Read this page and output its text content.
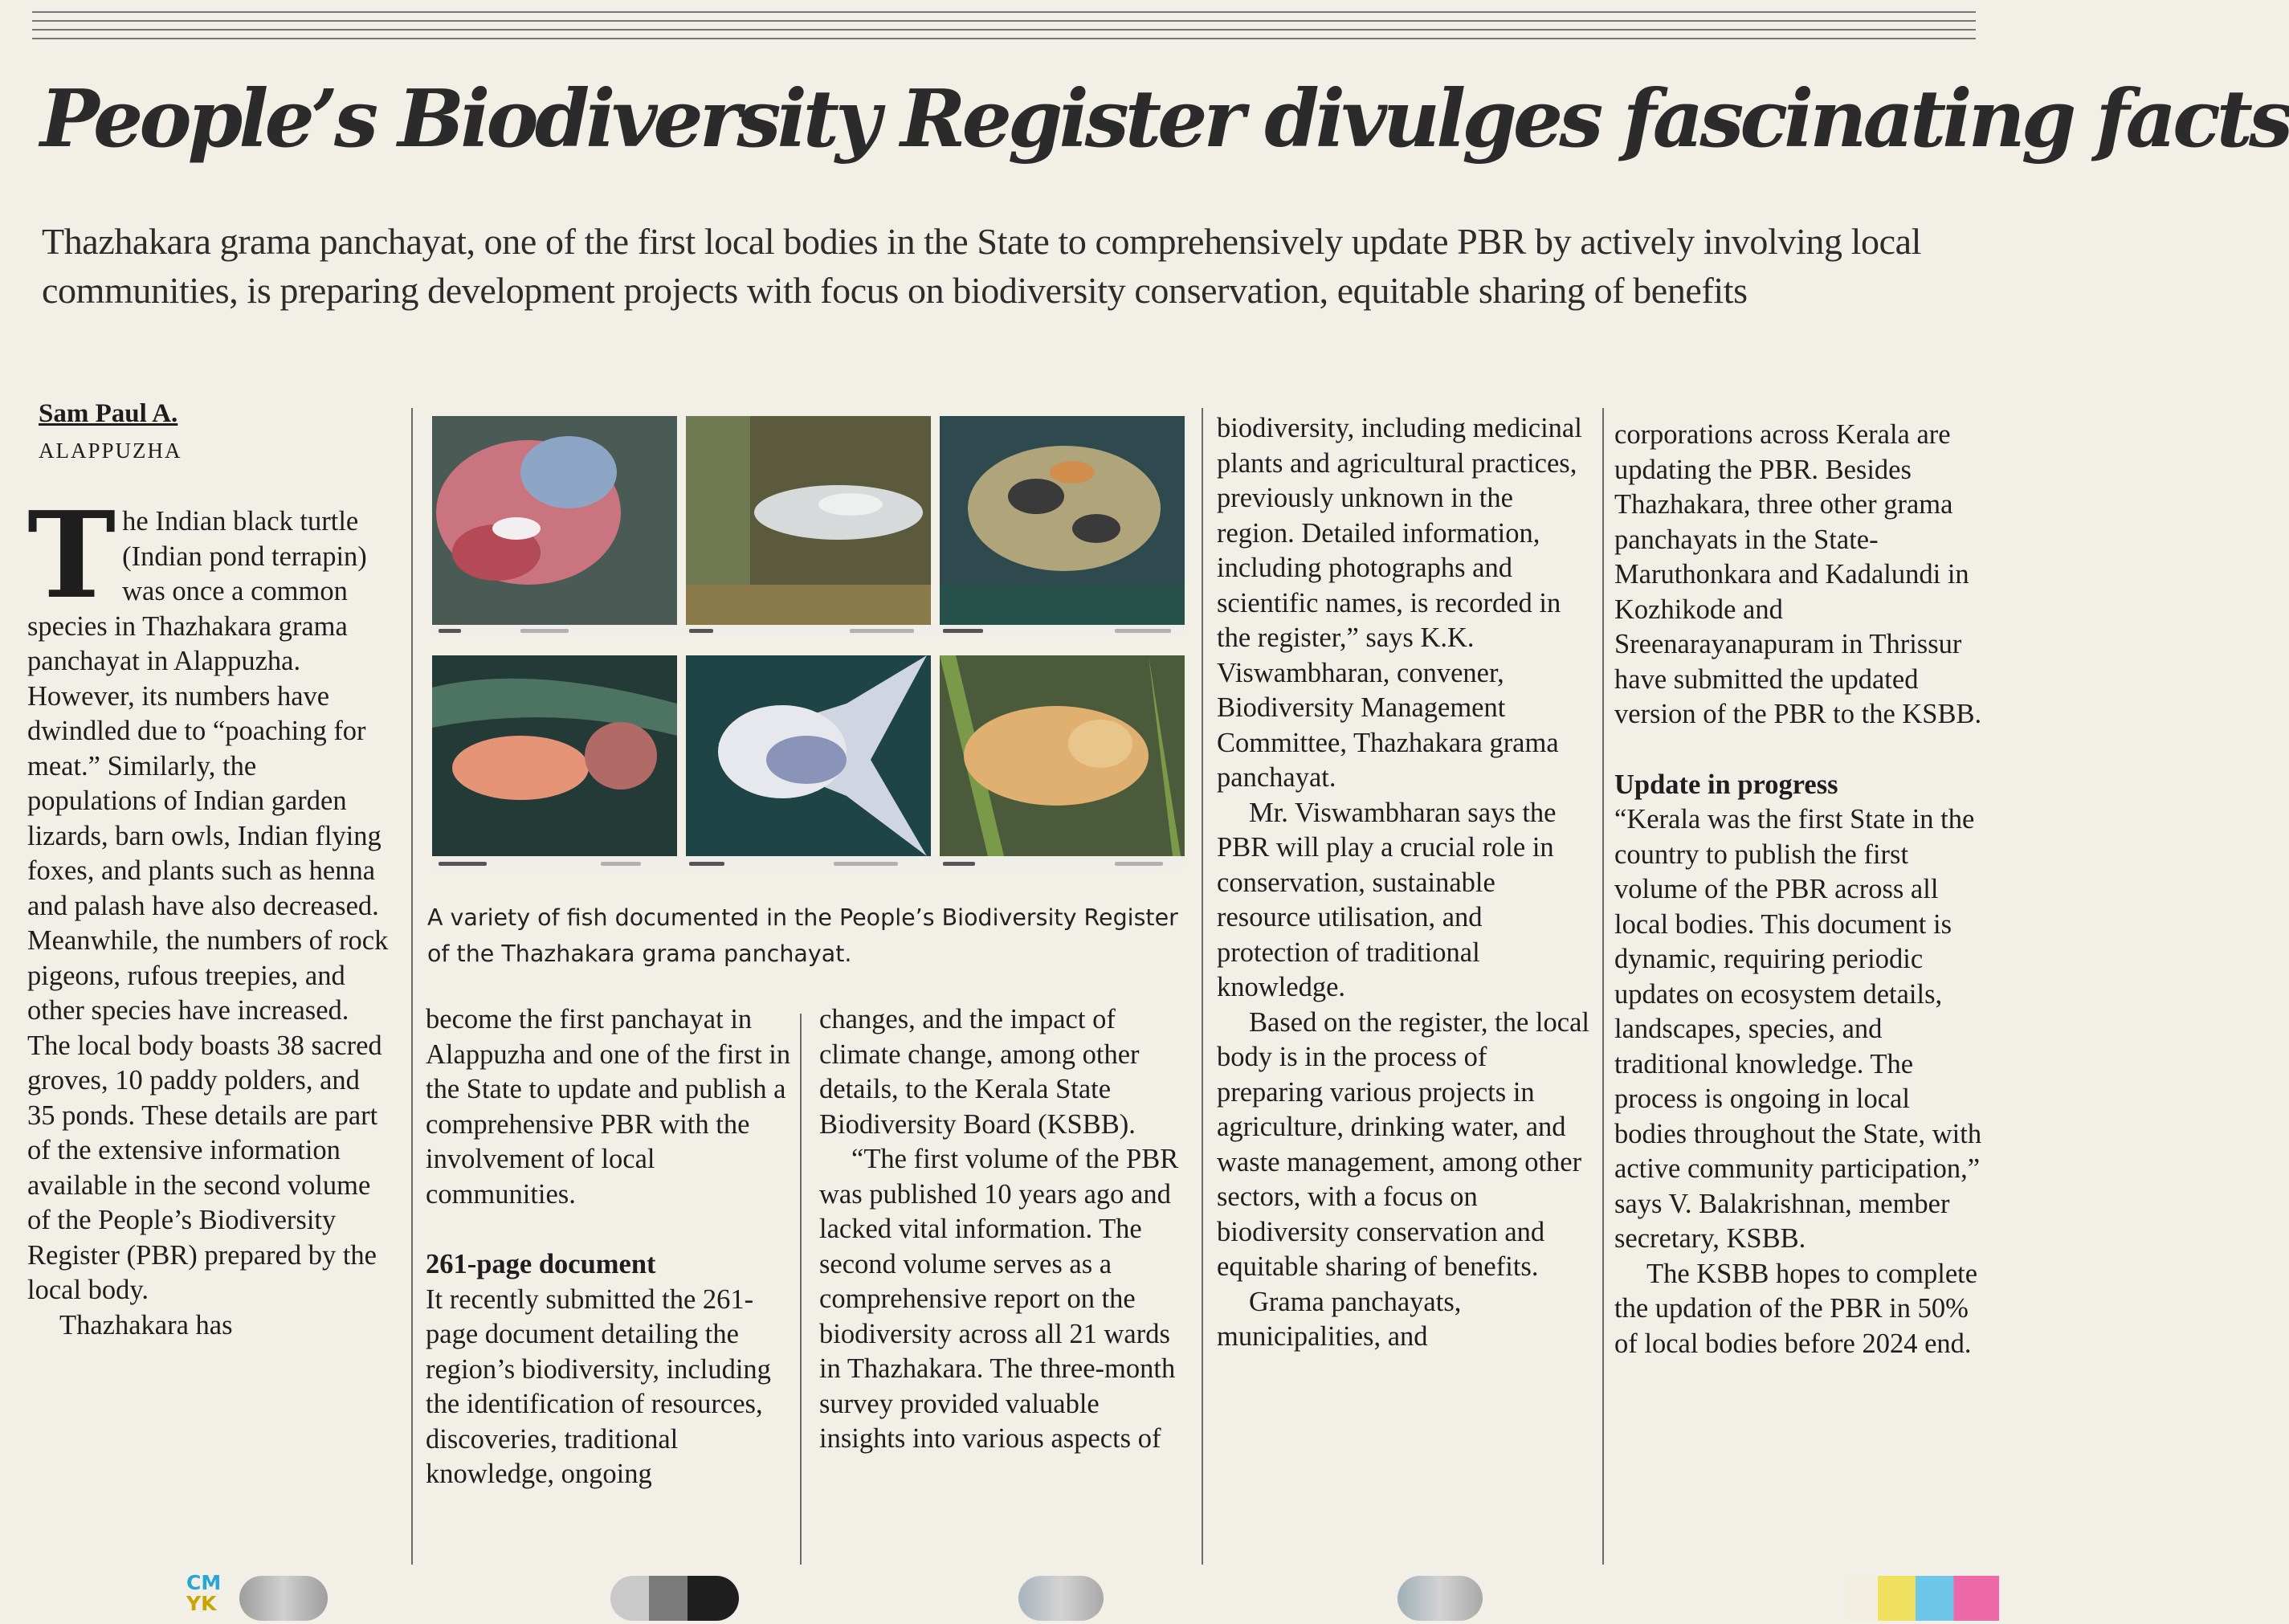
People’s Biodiversity Register divulges fascinating facts

Thazhakara grama panchayat, one of the first local bodies in the State to comprehensively update PBR by actively involving local communities, is preparing development projects with focus on biodiversity conservation, equitable sharing of benefits

Sam Paul A.
ALAPPUZHA

The Indian black turtle (Indian pond terrapin) was once a common species in Thazhakara grama panchayat in Alappuzha. However, its numbers have dwindled due to “poaching for meat.” Similarly, the populations of Indian garden lizards, barn owls, Indian flying foxes, and plants such as henna and palash have also decreased. Meanwhile, the numbers of rock pigeons, rufous treepies, and other species have increased. The local body boasts 38 sacred groves, 10 paddy polders, and 35 ponds. These details are part of the extensive information available in the second volume of the People’s Biodiversity Register (PBR) prepared by the local body.

Thazhakara has

A variety of fish documented in the People’s Biodiversity Register of the Thazhakara grama panchayat.

become the first panchayat in Alappuzha and one of the first in the State to update and publish a comprehensive PBR with the involvement of local communities.

261-page document

It recently submitted the 261-page document detailing the region’s biodiversity, including the identification of resources, discoveries, traditional knowledge, ongoing

changes, and the impact of climate change, among other details, to the Kerala State Biodiversity Board (KSBB).

“The first volume of the PBR was published 10 years ago and lacked vital information. The second volume serves as a comprehensive report on the biodiversity across all 21 wards in Thazhakara. The three-month survey provided valuable insights into various aspects of

biodiversity, including medicinal plants and agricultural practices, previously unknown in the region. Detailed information, including photographs and scientific names, is recorded in the register,” says K.K. Viswambharan, convener, Biodiversity Management Committee, Thazhakara grama panchayat.

Mr. Viswambharan says the PBR will play a crucial role in conservation, sustainable resource utilisation, and protection of traditional knowledge.

Based on the register, the local body is in the process of preparing various projects in agriculture, drinking water, and waste management, among other sectors, with a focus on biodiversity conservation and equitable sharing of benefits.

Grama panchayats, municipalities, and

corporations across Kerala are updating the PBR. Besides Thazhakara, three other grama panchayats in the State- Maruthonkara and Kadalundi in Kozhikode and Sreenarayanapuram in Thrissur have submitted the updated version of the PBR to the KSBB.

Update in progress

“Kerala was the first State in the country to publish the first volume of the PBR across all local bodies. This document is dynamic, requiring periodic updates on ecosystem details, landscapes, species, and traditional knowledge. The process is ongoing in local bodies throughout the State, with active community participation,” says V. Balakrishnan, member secretary, KSBB.

The KSBB hopes to complete the updation of the PBR in 50% of local bodies before 2024 end.

CM
YK
